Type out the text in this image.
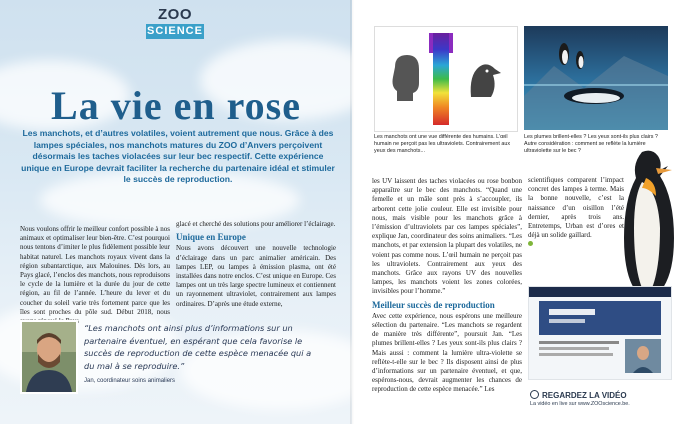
ZOO
SCIENCE
La vie en rose
Les manchots, et d’autres volatiles, voient autrement que nous. Grâce à des lampes spéciales, nos manchots matures du ZOO d’Anvers perçoivent désormais les taches violacées sur leur bec respectif. Cette expérience unique en Europe devrait faciliter la recherche du partenaire idéal et stimuler le succès de reproduction.

Nous voulons offrir le meilleur confort possible à nos animaux et optimaliser leur bien-être. C’est pourquoi nous tentons d’imiter le plus fidèlement possible leur habitat naturel. Les manchots royaux vivent dans la région subantarctique, aux Malouines. Dès lors, au Pays glacé, l’enclos des manchots, nous reproduisons le cycle de la lumière et la durée du jour de cette région, au fil de l’année. L’heure du lever et du coucher du soleil varie très fortement parce que les îles sont proches du pôle sud. Début 2018, nous

glacé et cherché des solutions pour améliorer l’éclairage.

Unique en Europe

Nous avons découvert une nouvelle technologie d’éclairage dans un parc animalier américain. Des lampes LEP, ou lampes à émission plasma, ont été installées dans notre enclos. C’est unique en Europe. Ces lampes ont un très large spectre lumineux et contiennent un rayonnement ultraviolet, contrairement aux lampes ordinaires. D’après une étude externe,

“Les manchots ont ainsi plus d’informations sur un partenaire éventuel, en espérant que cela favorise le succès de reproduction de cette espèce menacée qui a du mal à se reproduire.”
Jan, coordinateur soins animaliers
Les manchots ont une vue différente des humains. L’œil humain ne perçoit pas les ultraviolets. Contrairement aux yeux des manchots...
Les plumes brillent-elles ? Les yeux sont-ils plus clairs ? Autre considération : comment se reflète la lumière ultraviolette sur le bec ?

les UV laissent des taches violacées ou rose bonbon apparaître sur le bec des manchots. “Quand une femelle et un mâle sont près à s’accoupler, ils arborent cette jolie couleur. Elle est invisible pour nous, mais visible pour les manchots grâce à l’émission d’ultraviolets par ces lampes spéciales”, explique Jan, coordinateur des soins animaliers. “Les manchots, et par extension la plupart des volatiles, ne voient pas comme nous. L’œil humain ne perçoit pas les ultraviolets. Contrairement aux yeux des manchots. Grâce aux rayons UV des nouvelles lampes, les manchots voient les zones colorées, invisibles pour l’homme.”

Meilleur succès de reproduction

Avec cette expérience, nous espérons une meilleure sélection du partenaire. “Les manchots se regardent de manière très différente”, poursuit Jan. “Les plumes brillent-elles ? Les yeux sont-ils plus clairs ? Mais aussi : comment la lumière ultra-violette se reflète-t-elle sur le bec ? Ils disposent ainsi de plus d’informations sur un partenaire éventuel, et que, espérons-nous, devrait augmenter les chances de reproduction de cette espèce menacée.” Les

scientifiques comparent l’impact concret des lampes à terme. Mais la bonne nouvelle, c’est la naissance d’un oisillon l’été dernier, après trois ans. Entretemps, Urban est d’ores et déjà un solide gaillard.

REGARDEZ LA VIDÉO
La vidéo en live sur www.ZOOscience.be.
